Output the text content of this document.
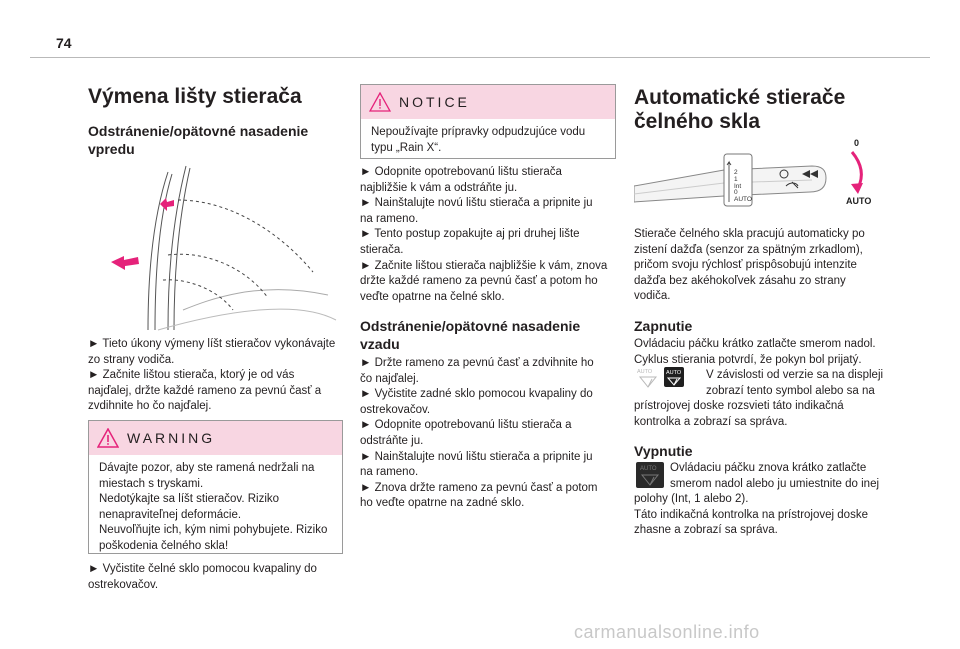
74
Výmena lišty stierača
Odstránenie/opätovné nasadenie
vpredu
► Tieto úkony výmeny líšt stieračov vykonávajte
zo strany vodiča.
► Začnite lištou stierača, ktorý je od vás
najďalej, držte každé rameno za pevnú časť a
zvdihnite ho čo najďalej.
WARNING
Dávajte pozor, aby ste ramená nedržali na
miestach s tryskami.
Nedotýkajte sa líšt stieračov. Riziko
nenapraviteľnej deformácie.
Neuvoľňujte ich, kým nimi pohybujete. Riziko
poškodenia čelného skla!
► Vyčistite čelné sklo pomocou kvapaliny do
ostrekovačov.
NOTICE
Nepoužívajte prípravky odpudzujúce vodu
typu „Rain X“.
► Odopnite opotrebovanú lištu stierača
najbližšie k vám a odstráňte ju.
► Nainštalujte novú lištu stierača a pripnite ju
na rameno.
► Tento postup zopakujte aj pri druhej lište
stierača.
► Začnite lištou stierača najbližšie k vám, znova
držte každé rameno za pevnú časť a potom ho
veďte opatrne na čelné sklo.
Odstránenie/opätovné nasadenie
vzadu
► Držte rameno za pevnú časť a zdvihnite ho
čo najďalej.
► Vyčistite zadné sklo pomocou kvapaliny do
ostrekovačov.
► Odopnite opotrebovanú lištu stierača a
odstráňte ju.
► Nainštalujte novú lištu stierača a pripnite ju
na rameno.
► Znova držte rameno za pevnú časť a potom
ho veďte opatrne na zadné sklo.
Automatické stierače
čelného skla
2
1
Int
0
AUTO
0
AUTO
Stierače čelného skla pracujú automaticky po
zistení dažďa (senzor za spätným zrkadlom),
pričom svoju rýchlosť prispôsobujú intenzite
dažďa bez akéhokoľvek zásahu zo strany
vodiča.
Zapnutie
Ovládaciu páčku krátko zatlačte smerom nadol.
Cyklus stierania potvrdí, že pokyn bol prijatý.
AUTO	AUTO V závislosti od verzie sa na displeji
zobrazí tento symbol alebo sa na
prístrojovej doske rozsvieti táto indikačná
kontrolka a zobrazí sa správa.
Vypnutie
AUTO Ovládaciu páčku znova krátko zatlačte
smerom nadol alebo ju umiestnite do inej
polohy (Int, 1 alebo 2).
Táto indikačná kontrolka na prístrojovej doske
zhasne a zobrazí sa správa.
carmanualsonline.info
